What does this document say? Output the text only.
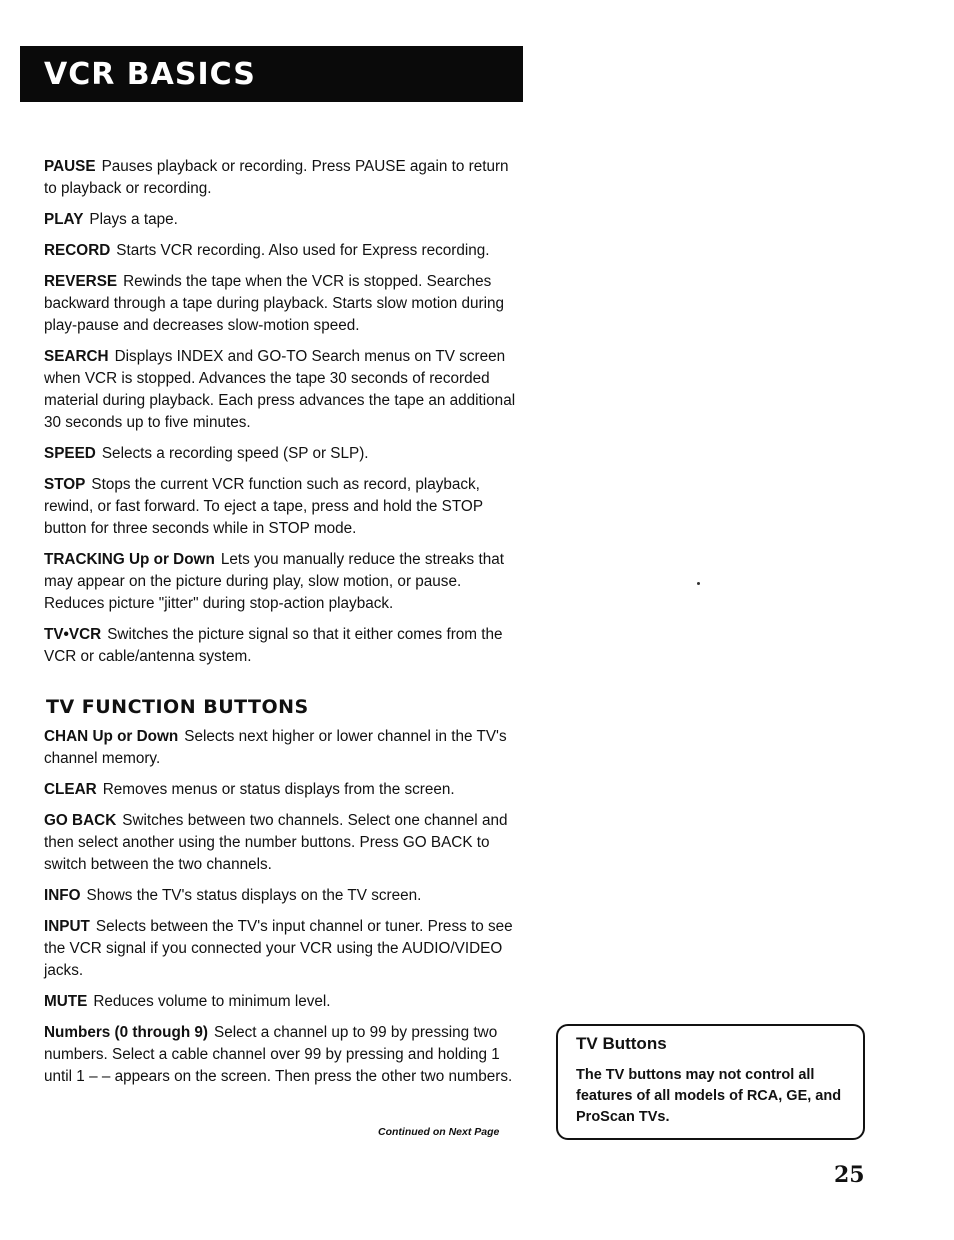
VCR BASICS
PAUSE Pauses playback or recording. Press PAUSE again to return to playback or recording.
PLAY Plays a tape.
RECORD Starts VCR recording. Also used for Express recording.
REVERSE Rewinds the tape when the VCR is stopped. Searches backward through a tape during playback. Starts slow motion during play-pause and decreases slow-motion speed.
SEARCH Displays INDEX and GO-TO Search menus on TV screen when VCR is stopped. Advances the tape 30 seconds of recorded material during playback. Each press advances the tape an additional 30 seconds up to five minutes.
SPEED Selects a recording speed (SP or SLP).
STOP Stops the current VCR function such as record, playback, rewind, or fast forward. To eject a tape, press and hold the STOP button for three seconds while in STOP mode.
TRACKING Up or Down Lets you manually reduce the streaks that may appear on the picture during play, slow motion, or pause. Reduces picture "jitter" during stop-action playback.
TV•VCR Switches the picture signal so that it either comes from the VCR or cable/antenna system.
TV FUNCTION BUTTONS
CHAN Up or Down Selects next higher or lower channel in the TV's channel memory.
CLEAR Removes menus or status displays from the screen.
GO BACK Switches between two channels. Select one channel and then select another using the number buttons. Press GO BACK to switch between the two channels.
INFO Shows the TV's status displays on the TV screen.
INPUT Selects between the TV's input channel or tuner. Press to see the VCR signal if you connected your VCR using the AUDIO/VIDEO jacks.
MUTE Reduces volume to minimum level.
Numbers (0 through 9) Select a channel up to 99 by pressing two numbers. Select a cable channel over 99 by pressing and holding 1 until 1 – – appears on the screen. Then press the other two numbers.
Continued on Next Page
TV Buttons
The TV buttons may not control all features of all models of RCA, GE, and ProScan TVs.
25
